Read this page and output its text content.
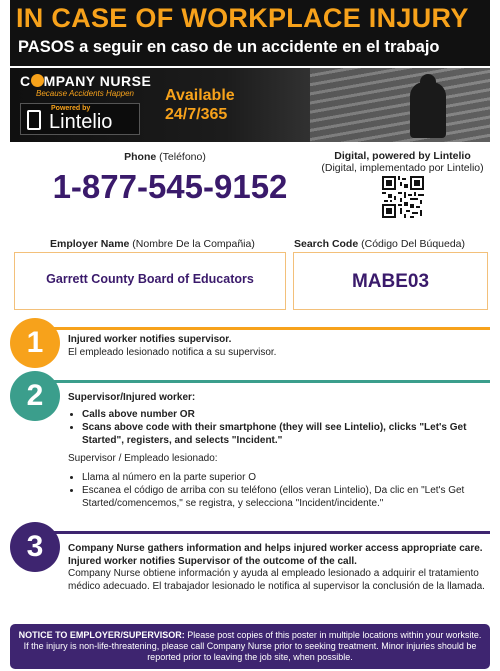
IN CASE OF WORKPLACE INJURY
PASOS a seguir en caso de un accidente en el trabajo
C MPANY NURSE
Because Accidents Happen
Powered by
Lintelio
Available
24/7/365
Phone (Teléfono)
1-877-545-9152
Digital, powered by Lintelio
(Digital, implementado por Lintelio)
Employer Name (Nombre De la Compañia)	Search Code (Código Del Búqueda)
Garrett County Board of Educators	MABE03
1	Injured worker notifies supervisor.
El empleado lesionado notifica a su supervisor.
2	Supervisor/Injured worker:
• Calls above number OR
• Scans above code with their smartphone (they will see Lintelio), clicks "Let's Get Started", registers, and selects "Incident."
Supervisor / Empleado lesionado:
• Llama al número en la parte superior O
• Escanea el código de arriba con su teléfono (ellos veran Lintelio), Da clic en "Let's Get Started/comencemos," se registra, y selecciona "Incident/incidente."
3	Company Nurse gathers information and helps injured worker access appropriate care. Injured worker notifies Supervisor of the outcome of the call.
Company Nurse obtiene información y ayuda al empleado lesionado a adquirir el tratamiento médico adecuado. El trabajador lesionado le notifica al supervisor la conclusión de la llamada.
NOTICE TO EMPLOYER/SUPERVISOR: Please post copies of this poster in multiple locations within your worksite. If the injury is non-life-threatening, please call Company Nurse prior to seeking treatment. Minor injuries should be reported prior to leaving the job site, when possible.
